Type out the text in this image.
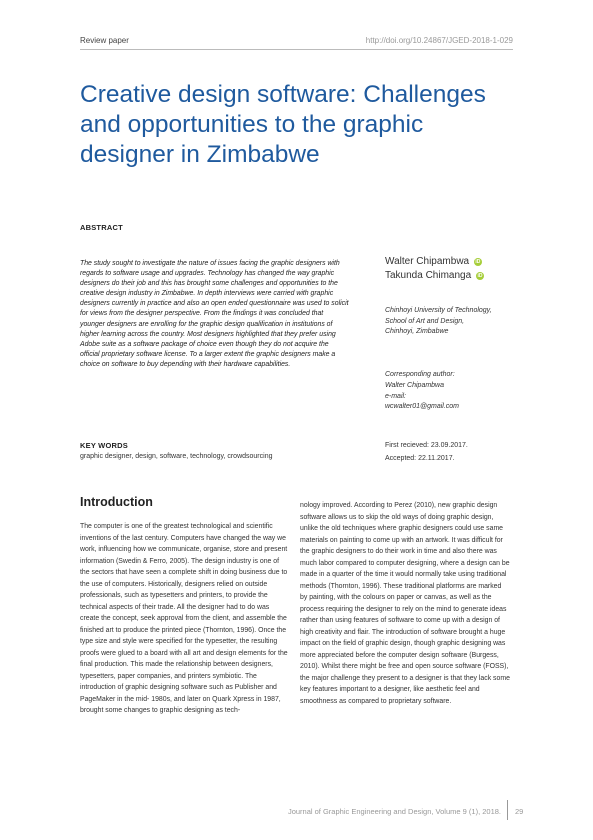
Review paper	http://doi.org/10.24867/JGED-2018-1-029
Creative design software: Challenges and opportunities to the graphic designer in Zimbabwe
ABSTRACT

The study sought to investigate the nature of issues facing the graphic designers with regards to software usage and upgrades. Technology has changed the way graphic designers do their job and this has brought some challenges and opportunities to the creative design industry in Zimbabwe. In depth interviews were carried with graphic designers currently in practice and also an open ended questionnaire was used to solicit for views from the designer perspective. From the findings it was concluded that younger designers are enrolling for the graphic design qualification in institutions of higher learning across the country. Most designers highlighted that they prefer using Adobe suite as a software package of choice even though they do not acquire the official proprietary software license. To a larger extent the graphic designers make a choice on software to buy depending with their hardware capabilities.

Walter Chipambwa iD
Takunda Chimanga iD
Chinhoyi University of Technology,
School of Art and Design,
Chinhoyi, Zimbabwe
Corresponding author:
Walter Chipambwa
e-mail:
wcwalter01@gmail.com
KEY WORDS
graphic designer, design, software, technology, crowdsourcing
First recieved: 23.09.2017.
Accepted: 22.11.2017.
Introduction

The computer is one of the greatest technological and scientific inventions of the last century. Computers have changed the way we work, influencing how we communicate, organise, store and present information (Swedin & Ferro, 2005). The design industry is one of the sectors that have seen a complete shift in doing business due to the use of computers. Historically, designers relied on outside professionals, such as typesetters and printers, to provide the technical aspects of their trade. All the designer had to do was create the concept, seek approval from the client, and assemble the finished art to produce the printed piece (Thornton, 1996). Once the type size and style were specified for the typesetter, the resulting proofs were glued to a board with all art and design elements for the final production. This made the relationship between designers, typesetters, paper companies, and printers symbiotic. The introduction of graphic designing software such as Publisher and PageMaker in the mid- 1980s, and later on Quark Xpress in 1987, brought some changes to graphic designing as tech-

nology improved. According to Perez (2010), new graphic design software allows us to skip the old ways of doing graphic design, unlike the old techniques where graphic designers could use same materials on painting to come up with an artwork. It was difficult for the graphic designers to do their work in time and also there was much labor compared to computer designing, where a design can be made in a quarter of the time it would normally take using traditional methods (Thornton, 1996). These traditional platforms are marked by painting, with the colours on paper or canvas, as well as the process requiring the designer to rely on the mind to generate ideas rather than using features of software to come up with a design of high creativity and flair. The introduction of software brought a huge impact on the field of graphic design, though graphic designing was more appreciated before the computer design software (Burgess, 2010). Whilst there might be free and open source software (FOSS), the major challenge they present to a designer is that they lack some key features important to a designer, like aesthetic feel and smoothness as compared to proprietary software.

Journal of Graphic Engineering and Design, Volume 9 (1), 2018. 29
